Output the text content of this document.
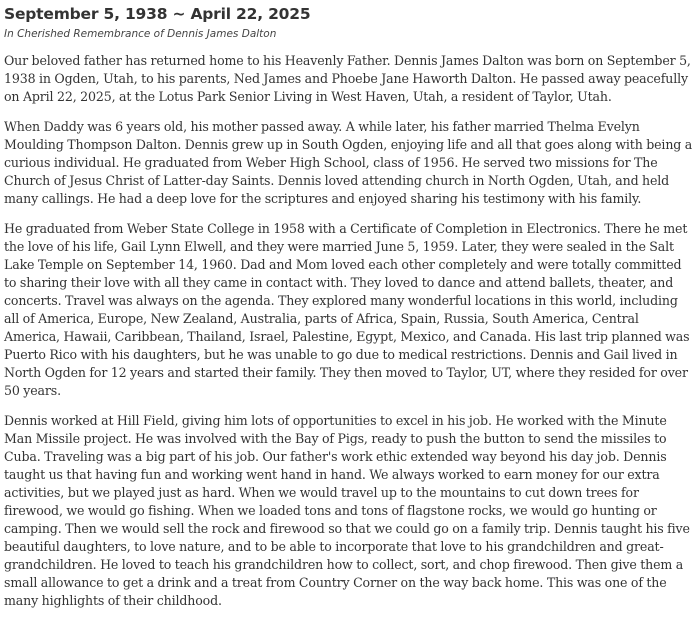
September 5, 1938 ~ April 22, 2025
In Cherished Remembrance of Dennis James Dalton

Our beloved father has returned home to his Heavenly Father. Dennis James Dalton was born on September 5, 1938 in Ogden, Utah, to his parents, Ned James and Phoebe Jane Haworth Dalton. He passed away peacefully on April 22, 2025, at the Lotus Park Senior Living in West Haven, Utah, a resident of Taylor, Utah.

When Daddy was 6 years old, his mother passed away. A while later, his father married Thelma Evelyn Moulding Thompson Dalton. Dennis grew up in South Ogden, enjoying life and all that goes along with being a curious individual. He graduated from Weber High School, class of 1956. He served two missions for The Church of Jesus Christ of Latter-day Saints. Dennis loved attending church in North Ogden, Utah, and held many callings. He had a deep love for the scriptures and enjoyed sharing his testimony with his family.

He graduated from Weber State College in 1958 with a Certificate of Completion in Electronics. There he met the love of his life, Gail Lynn Elwell, and they were married June 5, 1959. Later, they were sealed in the Salt Lake Temple on September 14, 1960. Dad and Mom loved each other completely and were totally committed to sharing their love with all they came in contact with. They loved to dance and attend ballets, theater, and concerts. Travel was always on the agenda. They explored many wonderful locations in this world, including all of America, Europe, New Zealand, Australia, parts of Africa, Spain, Russia, South America, Central America, Hawaii, Caribbean, Thailand, Israel, Palestine, Egypt, Mexico, and Canada. His last trip planned was Puerto Rico with his daughters, but he was unable to go due to medical restrictions. Dennis and Gail lived in North Ogden for 12 years and started their family. They then moved to Taylor, UT, where they resided for over 50 years.

Dennis worked at Hill Field, giving him lots of opportunities to excel in his job. He worked with the Minute Man Missile project. He was involved with the Bay of Pigs, ready to push the button to send the missiles to Cuba. Traveling was a big part of his job. Our father's work ethic extended way beyond his day job. Dennis taught us that having fun and working went hand in hand. We always worked to earn money for our extra activities, but we played just as hard. When we would travel up to the mountains to cut down trees for firewood, we would go fishing. When we loaded tons and tons of flagstone rocks, we would go hunting or camping. Then we would sell the rock and firewood so that we could go on a family trip. Dennis taught his five beautiful daughters, to love nature, and to be able to incorporate that love to his grandchildren and great-grandchildren. He loved to teach his grandchildren how to collect, sort, and chop firewood. Then give them a small allowance to get a drink and a treat from Country Corner on the way back home. This was one of the many highlights of their childhood.
